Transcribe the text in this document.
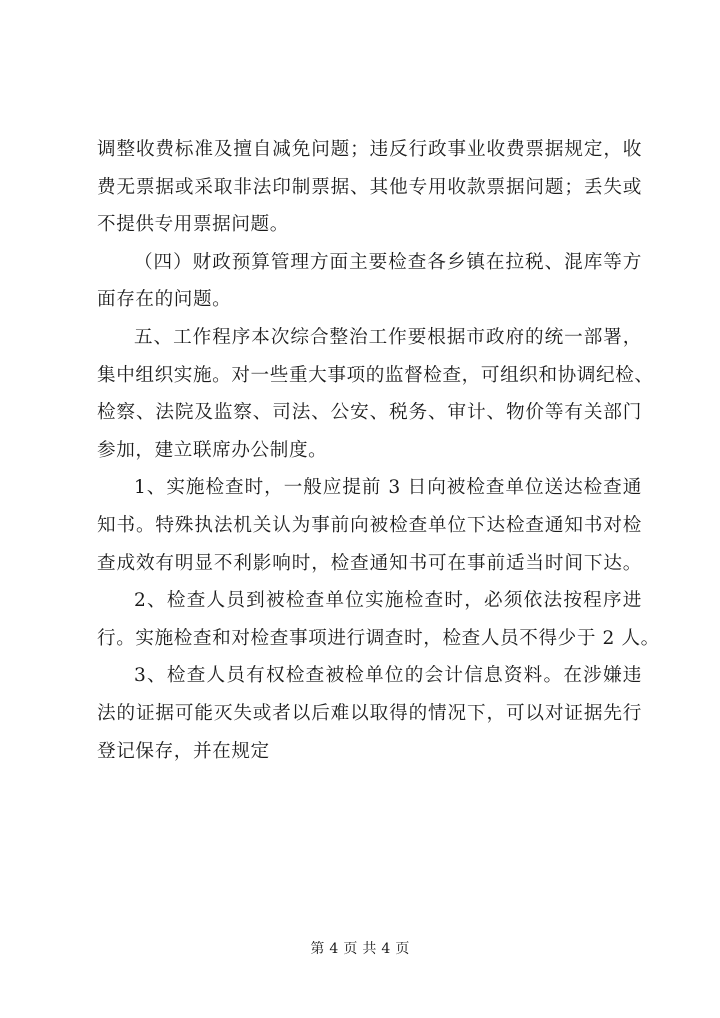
调整收费标准及擅自减免问题；违反行政事业收费票据规定，收
费无票据或采取非法印制票据、其他专用收款票据问题；丢失或
不提供专用票据问题。
（四）财政预算管理方面主要检查各乡镇在拉税、混库等方
面存在的问题。
五、工作程序本次综合整治工作要根据市政府的统一部署，
集中组织实施。对一些重大事项的监督检查，可组织和协调纪检、
检察、法院及监察、司法、公安、税务、审计、物价等有关部门
参加，建立联席办公制度。
1、实施检查时，一般应提前 3 日向被检查单位送达检查通
知书。特殊执法机关认为事前向被检查单位下达检查通知书对检
查成效有明显不利影响时，检查通知书可在事前适当时间下达。
2、检查人员到被检查单位实施检查时，必须依法按程序进
行。实施检查和对检查事项进行调查时，检查人员不得少于 2 人。
3、检查人员有权检查被检单位的会计信息资料。在涉嫌违
法的证据可能灭失或者以后难以取得的情况下，可以对证据先行
登记保存，并在规定
第 4 页 共 4 页
